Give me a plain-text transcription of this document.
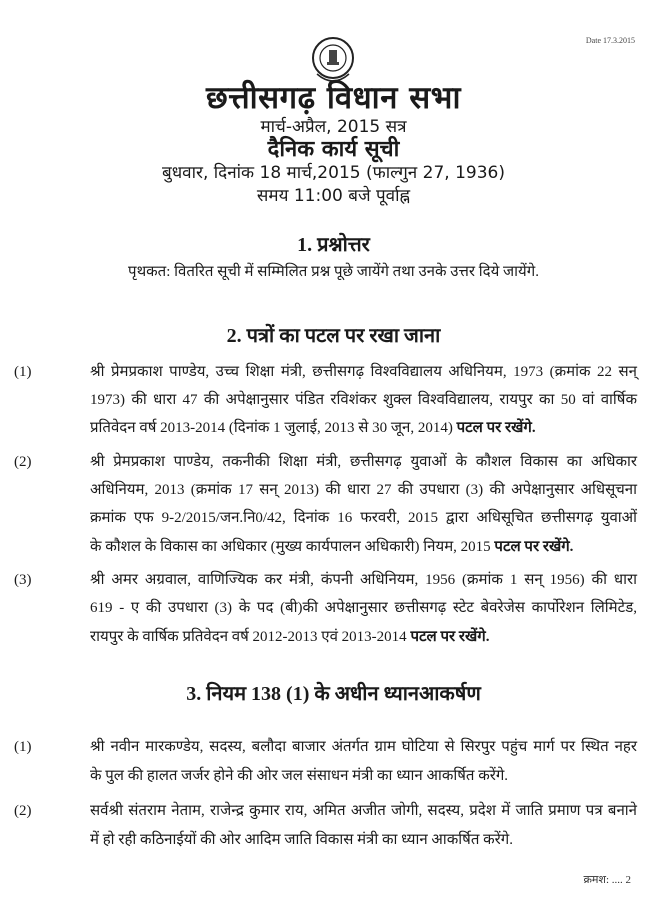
Date 17.3.2015
छत्तीसगढ़ विधान सभा
मार्च-अप्रैल, 2015 सत्र
दैनिक कार्य सूची
बुधवार, दिनांक 18 मार्च,2015 (फाल्गुन 27, 1936)
समय 11:00 बजे पूर्वाह्न
1. प्रश्नोत्तर
पृथकत: वितरित सूची में सम्मिलित प्रश्न पूछे जायेंगे तथा उनके उत्तर दिये जायेंगे.
2. पत्रों का पटल पर रखा जाना
(1)	श्री प्रेमप्रकाश पाण्डेय, उच्च शिक्षा मंत्री, छत्तीसगढ़ विश्वविद्यालय अधिनियम, 1973 (क्रमांक 22 सन्
1973) की धारा 47 की अपेक्षानुसार पंडित रविशंकर शुक्ल विश्वविद्यालय, रायपुर का 50 वां वार्षिक
प्रतिवेदन वर्ष 2013-2014 (दिनांक 1 जुलाई, 2013 से 30 जून, 2014) पटल पर रखेंगे.
(2)	श्री प्रेमप्रकाश पाण्डेय, तकनीकी शिक्षा मंत्री, छत्तीसगढ़ युवाओं के कौशल विकास का अधिकार
अधिनियम, 2013 (क्रमांक 17 सन् 2013) की धारा 27 की उपधारा (3) की अपेक्षानुसार अधिसूचना
क्रमांक एफ 9-2/2015/जन.नि0/42, दिनांक 16 फरवरी, 2015 द्वारा अधिसूचित छत्तीसगढ़ युवाओं
के कौशल के विकास का अधिकार (मुख्य कार्यपालन अधिकारी) नियम, 2015 पटल पर रखेंगे.
(3)	श्री अमर अग्रवाल, वाणिज्यिक कर मंत्री, कंपनी अधिनियम, 1956 (क्रमांक 1 सन् 1956) की धारा
619 - ए की उपधारा (3) के पद (बी)की अपेक्षानुसार छत्तीसगढ़ स्टेट बेवरेजेस कार्पोरेशन लिमिटेड,
रायपुर के वार्षिक प्रतिवेदन वर्ष 2012-2013 एवं 2013-2014 पटल पर रखेंगे.
3. नियम 138 (1) के अधीन ध्यानआकर्षण
(1)	श्री नवीन मारकण्डेय, सदस्य, बलौदा बाजार अंतर्गत ग्राम घोटिया से सिरपुर पहुंच मार्ग पर स्थित नहर
के पुल की हालत जर्जर होने की ओर जल संसाधन मंत्री का ध्यान आकर्षित करेंगे.
(2)	सर्वश्री संतराम नेताम, राजेन्द्र कुमार राय, अमित अजीत जोगी, सदस्य, प्रदेश में जाति प्रमाण पत्र बनाने
में हो रही कठिनाईयों की ओर आदिम जाति विकास मंत्री का ध्यान आकर्षित करेंगे.
क्रमश: .... 2
